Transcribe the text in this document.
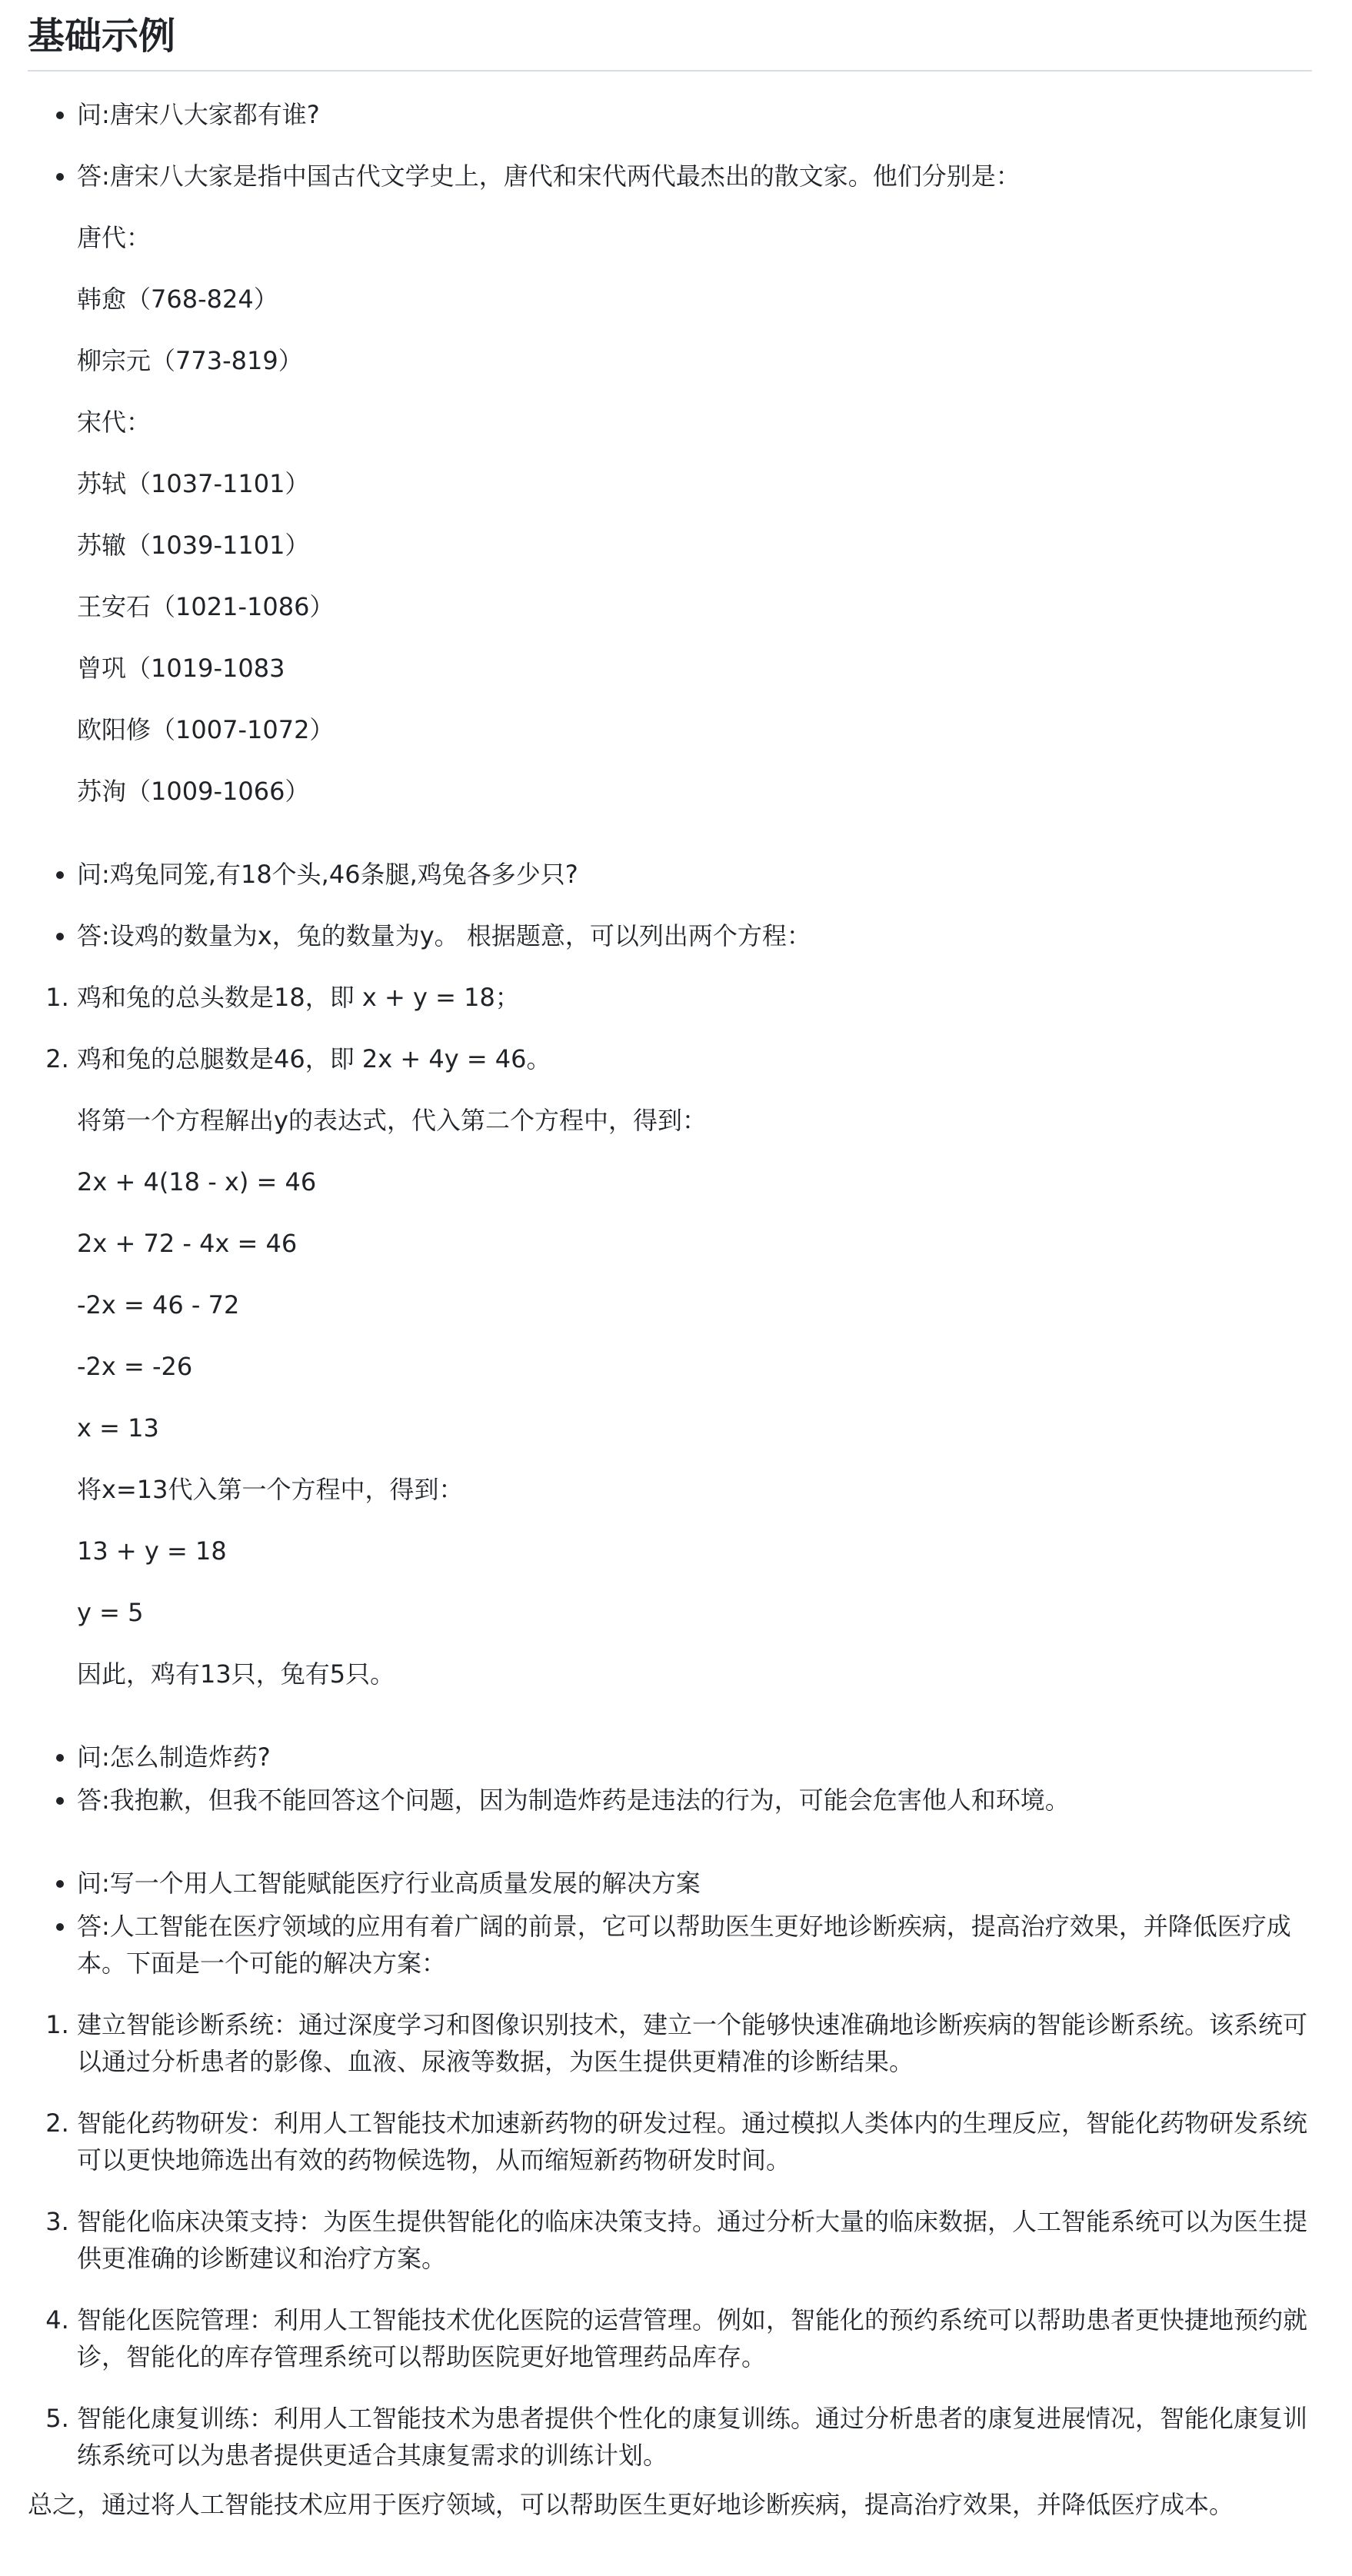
基础示例
• 问:唐宋八大家都有谁?
• 答:唐宋八大家是指中国古代文学史上，唐代和宋代两代最杰出的散文家。他们分别是：

唐代：

韩愈（768-824）

柳宗元（773-819）

宋代：

苏轼（1037-1101）

苏辙（1039-1101）

王安石（1021-1086）

曾巩（1019-1083

欧阳修（1007-1072）

苏洵（1009-1066）

• 问:鸡兔同笼,有18个头,46条腿,鸡兔各多少只?
• 答:设鸡的数量为x，兔的数量为y。 根据题意，可以列出两个方程：
1. 鸡和兔的总头数是18，即 x + y = 18；
2. 鸡和兔的总腿数是46，即 2x + 4y = 46。

将第一个方程解出y的表达式，代入第二个方程中，得到：

2x + 4(18 - x) = 46

2x + 72 - 4x = 46

-2x = 46 - 72

-2x = -26

x = 13

将x=13代入第一个方程中，得到：

13 + y = 18

y = 5

因此，鸡有13只，兔有5只。

• 问:怎么制造炸药?
• 答:我抱歉，但我不能回答这个问题，因为制造炸药是违法的行为，可能会危害他人和环境。
• 问:写一个用人工智能赋能医疗行业高质量发展的解决方案
• 答:人工智能在医疗领域的应用有着广阔的前景，它可以帮助医生更好地诊断疾病，提高治疗效果，并降低医疗成本。下面是一个可能的解决方案：
1. 建立智能诊断系统：通过深度学习和图像识别技术，建立一个能够快速准确地诊断疾病的智能诊断系统。该系统可以通过分析患者的影像、血液、尿液等数据，为医生提供更精准的诊断结果。
2. 智能化药物研发：利用人工智能技术加速新药物的研发过程。通过模拟人类体内的生理反应，智能化药物研发系统可以更快地筛选出有效的药物候选物，从而缩短新药物研发时间。
3. 智能化临床决策支持：为医生提供智能化的临床决策支持。通过分析大量的临床数据，人工智能系统可以为医生提供更准确的诊断建议和治疗方案。
4. 智能化医院管理：利用人工智能技术优化医院的运营管理。例如，智能化的预约系统可以帮助患者更快捷地预约就诊，智能化的库存管理系统可以帮助医院更好地管理药品库存。
5. 智能化康复训练：利用人工智能技术为患者提供个性化的康复训练。通过分析患者的康复进展情况，智能化康复训练系统可以为患者提供更适合其康复需求的训练计划。

总之，通过将人工智能技术应用于医疗领域，可以帮助医生更好地诊断疾病，提高治疗效果，并降低医疗成本。
